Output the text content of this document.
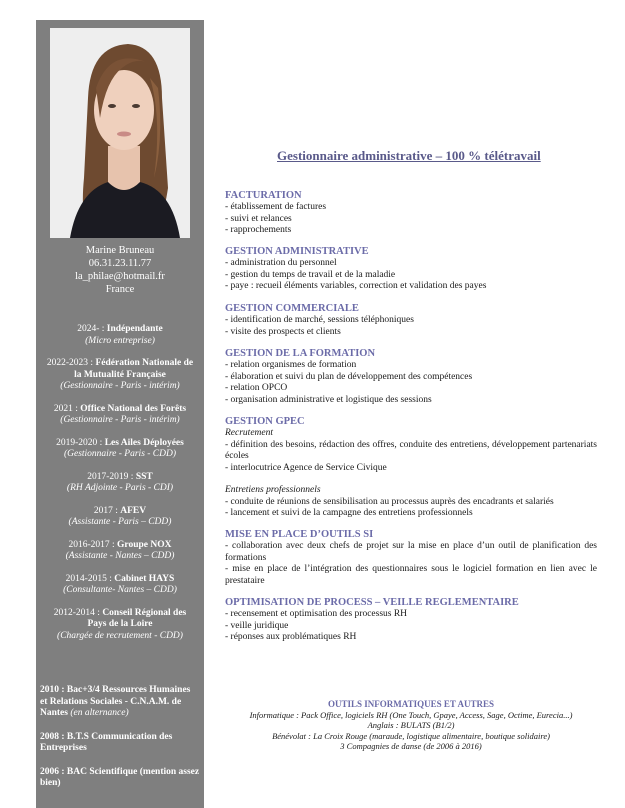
Marine Bruneau
06.31.23.11.77
la_philae@hotmail.fr
France
2024- : Indépendante
(Micro entreprise)
2022-2023 : Fédération Nationale de la Mutualité Française
(Gestionnaire - Paris - intérim)
2021 : Office National des Forêts
(Gestionnaire - Paris - intérim)
2019-2020 : Les Ailes Déployées
(Gestionnaire - Paris - CDD)
2017-2019 : SST
(RH Adjointe - Paris - CDI)
2017 : AFEV
(Assistante - Paris – CDD)
2016-2017 : Groupe NOX
(Assistante - Nantes – CDD)
2014-2015 : Cabinet HAYS
(Consultante- Nantes – CDD)
2012-2014 : Conseil Régional des Pays de la Loire
(Chargée de recrutement - CDD)
2010 : Bac+3/4 Ressources Humaines et Relations Sociales - C.N.A.M. de Nantes (en alternance)
2008 : B.T.S Communication des Entreprises
2006 : BAC Scientifique (mention assez bien)
Gestionnaire administrative – 100 % télétravail
FACTURATION
- établissement de factures
- suivi et relances
- rapprochements
GESTION ADMINISTRATIVE
- administration du personnel
- gestion du temps de travail et de la maladie
- paye : recueil éléments variables, correction et validation des payes
GESTION COMMERCIALE
- identification de marché, sessions téléphoniques
- visite des prospects et clients
GESTION DE LA FORMATION
- relation organismes de formation
- élaboration et suivi du plan de développement des compétences
- relation OPCO
- organisation administrative et logistique des sessions
GESTION GPEC
Recrutement
- définition des besoins, rédaction des offres, conduite des entretiens, développement partenariats écoles
- interlocutrice Agence de Service Civique
Entretiens professionnels
- conduite de réunions de sensibilisation au processus auprès des encadrants et salariés
- lancement et suivi de la campagne des entretiens professionnels
MISE EN PLACE D’OUTILS SI
- collaboration avec deux chefs de projet sur la mise en place d’un outil de planification des formations
- mise en place de l’intégration des questionnaires sous le logiciel formation en lien avec le prestataire
OPTIMISATION DE PROCESS – VEILLE REGLEMENTAIRE
- recensement et optimisation des processus RH
- veille juridique
- réponses aux problématiques RH
OUTILS INFORMATIQUES ET AUTRES
Informatique : Pack Office, logiciels RH (One Touch, Gpaye, Access, Sage, Octime, Eurecia...)
Anglais : BULATS (B1/2)
Bénévolat : La Croix Rouge (maraude, logistique alimentaire, boutique solidaire)
3 Compagnies de danse (de 2006 à 2016)
